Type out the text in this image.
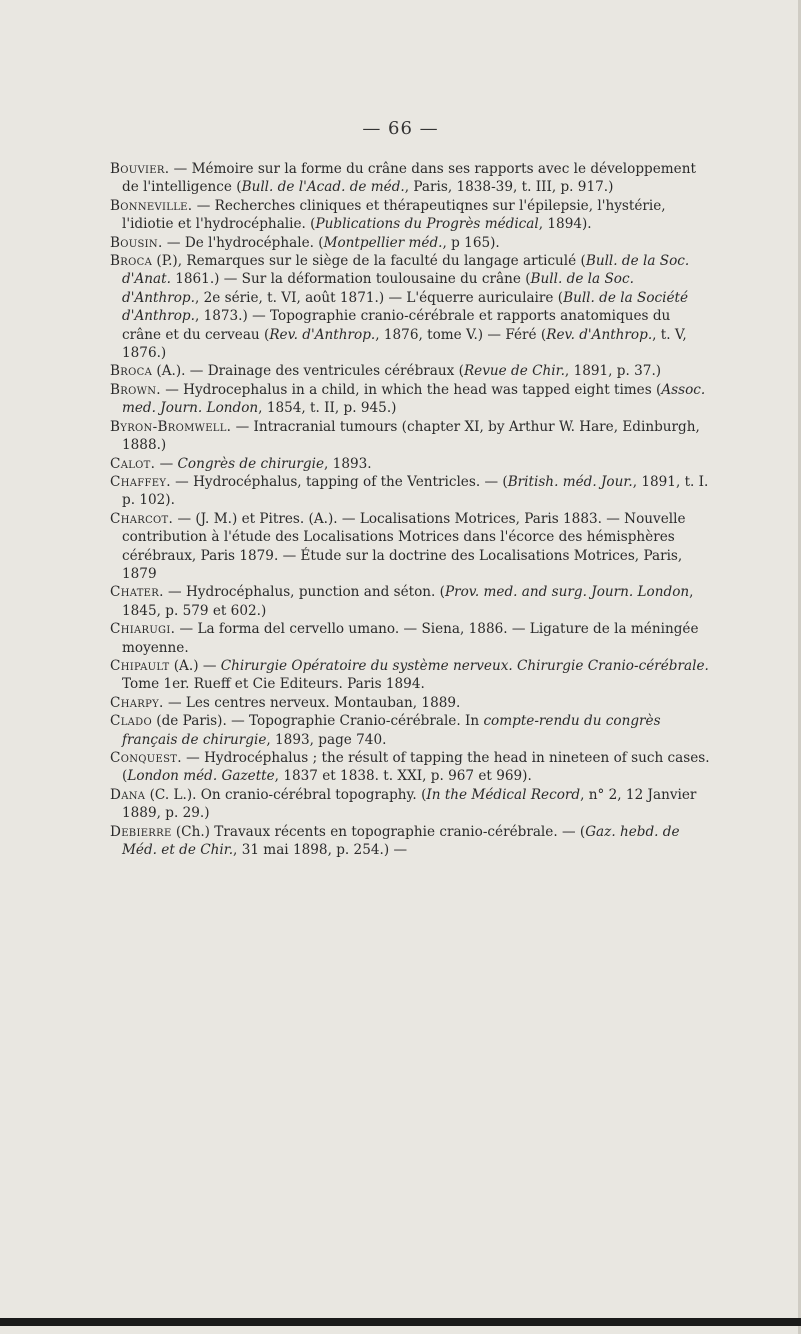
— 66 —

Bouvier. — Mémoire sur la forme du crâne dans ses rapports avec le développement de l'intelligence (Bull. de l'Acad. de méd., Paris, 1838-39, t. III, p. 917.)

Bonneville. — Recherches cliniques et thérapeutiqnes sur l'épilepsie, l'hystérie, l'idiotie et l'hydrocéphalie. (Publications du Progrès médical, 1894).

Bousin. — De l'hydrocéphale. (Montpellier méd., p 165).

Broca (P.), Remarques sur le siège de la faculté du langage articulé (Bull. de la Soc. d'Anat. 1861.) — Sur la déformation toulousaine du crâne (Bull. de la Soc. d'Anthrop., 2e série, t. VI, août 1871.) — L'équerre auriculaire (Bull. de la Société d'Anthrop., 1873.) — Topographie cranio-cérébrale et rapports anatomiques du crâne et du cerveau (Rev. d'Anthrop., 1876, tome V.) — Féré (Rev. d'Anthrop., t. V, 1876.)

Broca (A.). — Drainage des ventricules cérébraux (Revue de Chir., 1891, p. 37.)

Brown. — Hydrocephalus in a child, in which the head was tapped eight times (Assoc. med. Journ. London, 1854, t. II, p. 945.)

Byron-Bromwell. — Intracranial tumours (chapter XI, by Arthur W. Hare, Edinburgh, 1888.)

Calot. — Congrès de chirurgie, 1893.

Chaffey. — Hydrocéphalus, tapping of the Ventricles. — (British. méd. Jour., 1891, t. I. p. 102).

Charcot. — (J. M.) et Pitres. (A.). — Localisations Motrices, Paris 1883. — Nouvelle contribution à l'étude des Localisations Motrices dans l'écorce des hémisphères cérébraux, Paris 1879. — Étude sur la doctrine des Localisations Motrices, Paris, 1879

Chater. — Hydrocéphalus, punction and séton. (Prov. med. and surg. Journ. London, 1845, p. 579 et 602.)

Chiarugi. — La forma del cervello umano. — Siena, 1886. — Ligature de la méningée moyenne.

Chipault (A.) — Chirurgie Opératoire du système nerveux. Chirurgie Cranio-cérébrale. Tome 1er. Rueff et Cie Editeurs. Paris 1894.

Charpy. — Les centres nerveux. Montauban, 1889.

Clado (de Paris). — Topographie Cranio-cérébrale. In compte-rendu du congrès français de chirurgie, 1893, page 740.

Conquest. — Hydrocéphalus ; the résult of tapping the head in nineteen of such cases. (London méd. Gazette, 1837 et 1838. t. XXI, p. 967 et 969).

Dana (C. L.). On cranio-cérébral topography. (In the Médical Record, n° 2, 12 Janvier 1889, p. 29.)

Debierre (Ch.) Travaux récents en topographie cranio-cérébrale. — (Gaz. hebd. de Méd. et de Chir., 31 mai 1898, p. 254.) —
